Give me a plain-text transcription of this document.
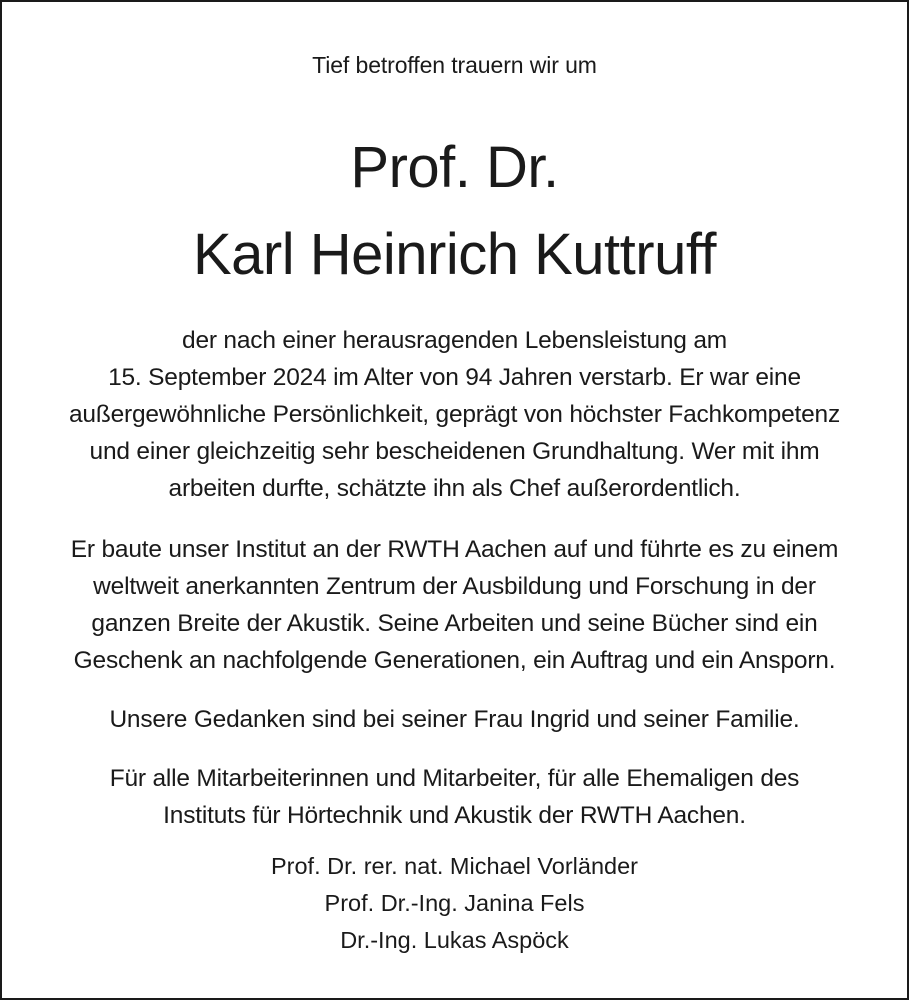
Tief betroffen trauern wir um
Prof. Dr.
Karl Heinrich Kuttruff
der nach einer herausragenden Lebensleistung am
15. September 2024 im Alter von 94 Jahren verstarb. Er war eine
außergewöhnliche Persönlichkeit, geprägt von höchster Fachkompetenz
und einer gleichzeitig sehr bescheidenen Grundhaltung. Wer mit ihm
arbeiten durfte, schätzte ihn als Chef außerordentlich.
Er baute unser Institut an der RWTH Aachen auf und führte es zu einem
weltweit anerkannten Zentrum der Ausbildung und Forschung in der
ganzen Breite der Akustik. Seine Arbeiten und seine Bücher sind ein
Geschenk an nachfolgende Generationen, ein Auftrag und ein Ansporn.
Unsere Gedanken sind bei seiner Frau Ingrid und seiner Familie.
Für alle Mitarbeiterinnen und Mitarbeiter, für alle Ehemaligen des
Instituts für Hörtechnik und Akustik der RWTH Aachen.
Prof. Dr. rer. nat. Michael Vorländer
Prof. Dr.-Ing. Janina Fels
Dr.-Ing. Lukas Aspöck
